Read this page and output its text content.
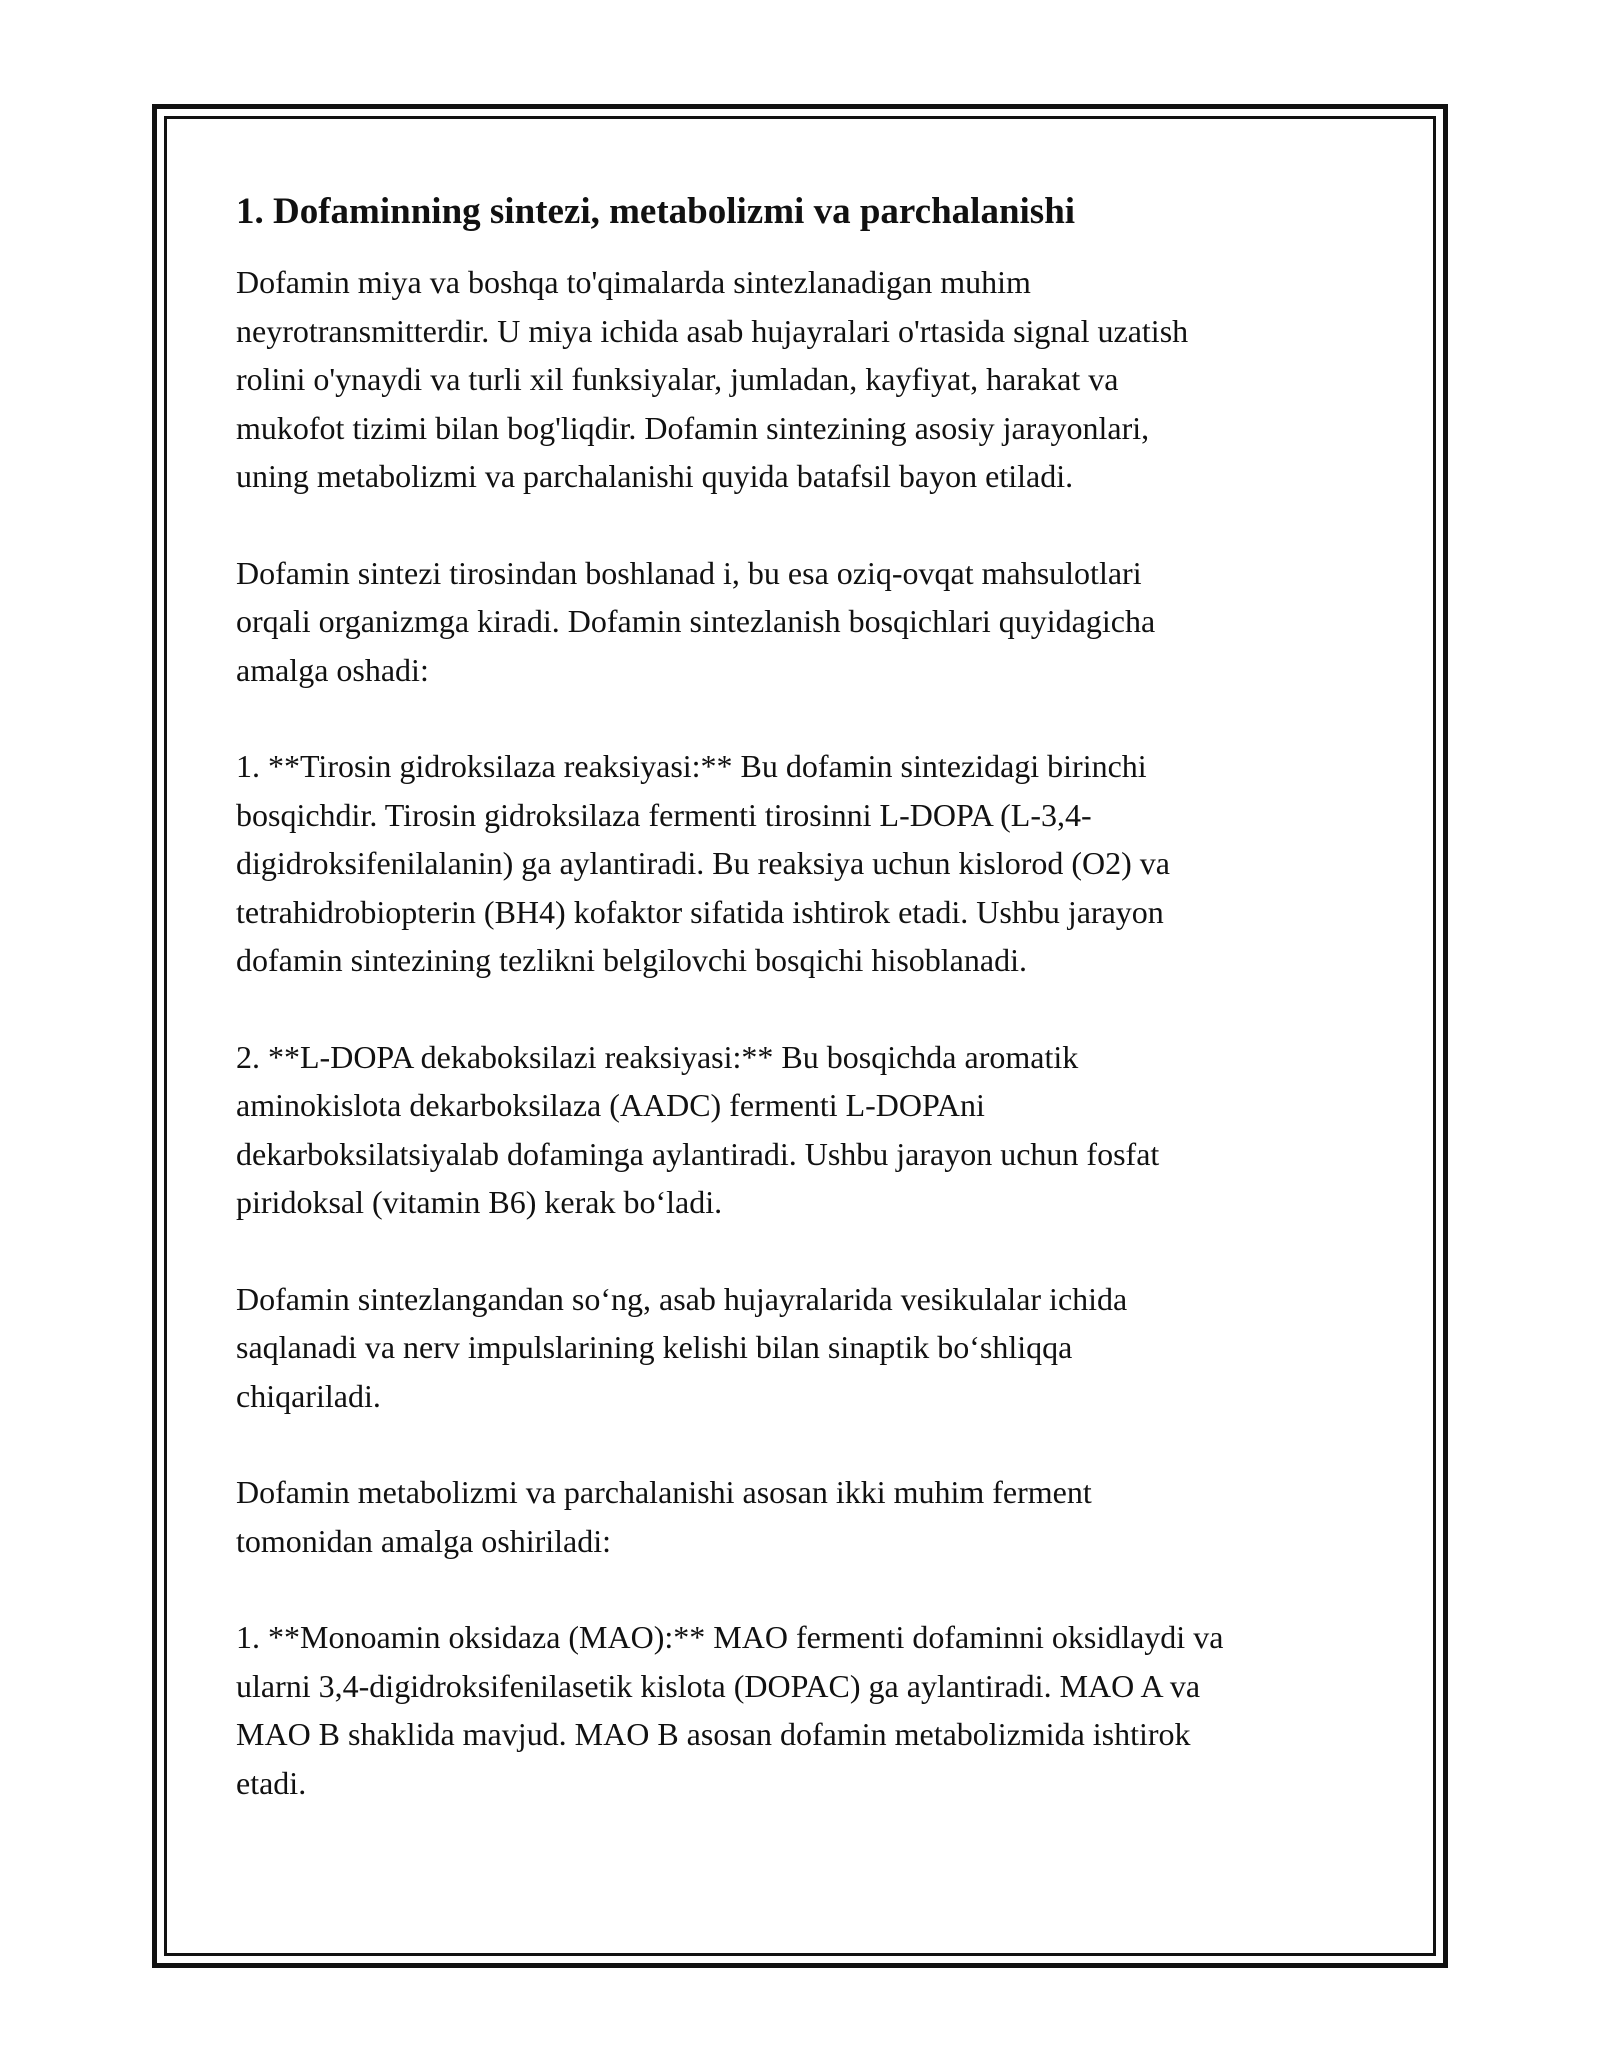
1. Dofaminning sintezi, metabolizmi va parchalanishi

Dofamin miya va boshqa to'qimalarda sintezlanadigan muhim
neyrotransmitterdir. U miya ichida asab hujayralari o'rtasida signal uzatish
rolini o'ynaydi va turli xil funksiyalar, jumladan, kayfiyat, harakat va
mukofot tizimi bilan bog'liqdir. Dofamin sintezining asosiy jarayonlari,
uning metabolizmi va parchalanishi quyida batafsil bayon etiladi.

Dofamin sintezi tirosindan boshlanad i, bu esa oziq-ovqat mahsulotlari
orqali organizmga kiradi. Dofamin sintezlanish bosqichlari quyidagicha
amalga oshadi:

1. **Tirosin gidroksilaza reaksiyasi:** Bu dofamin sintezidagi birinchi
bosqichdir. Tirosin gidroksilaza fermenti tirosinni L-DOPA (L-3,4-
digidroksifenilalanin) ga aylantiradi. Bu reaksiya uchun kislorod (O2) va
tetrahidrobiopterin (BH4) kofaktor sifatida ishtirok etadi. Ushbu jarayon
dofamin sintezining tezlikni belgilovchi bosqichi hisoblanadi.

2. **L-DOPA dekaboksilazi reaksiyasi:** Bu bosqichda aromatik
aminokislota dekarboksilaza (AADC) fermenti L-DOPAni
dekarboksilatsiyalab dofaminga aylantiradi. Ushbu jarayon uchun fosfat
piridoksal (vitamin B6) kerak bo‘ladi.

Dofamin sintezlangandan so‘ng, asab hujayralarida vesikulalar ichida
saqlanadi va nerv impulslarining kelishi bilan sinaptik bo‘shliqqa
chiqariladi.

Dofamin metabolizmi va parchalanishi asosan ikki muhim ferment
tomonidan amalga oshiriladi:

1. **Monoamin oksidaza (MAO):** MAO fermenti dofaminni oksidlaydi va
ularni 3,4-digidroksifenilasetik kislota (DOPAC) ga aylantiradi. MAO A va
MAO B shaklida mavjud. MAO B asosan dofamin metabolizmida ishtirok
etadi.
